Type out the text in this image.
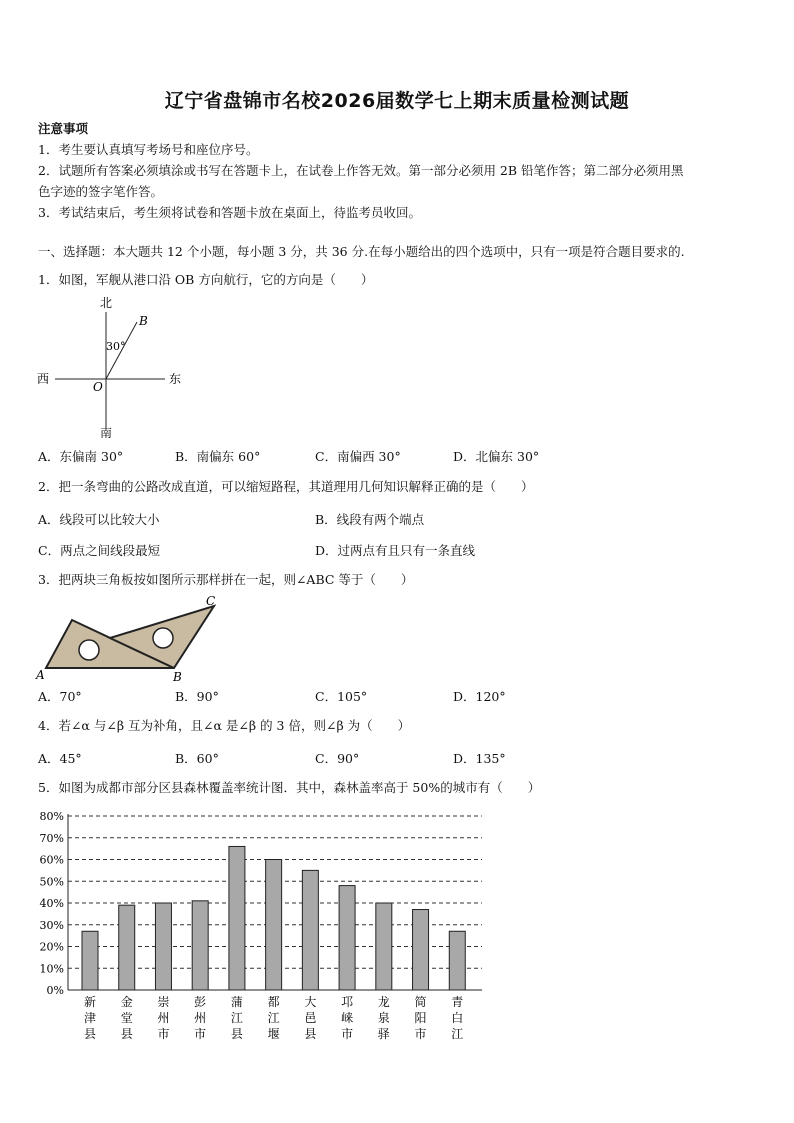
辽宁省盘锦市名校2026届数学七上期末质量检测试题
注意事项
1．考生要认真填写考场号和座位序号。
2．试题所有答案必须填涂或书写在答题卡上，在试卷上作答无效。第一部分必须用 2B 铅笔作答；第二部分必须用黑
色字迹的签字笔作答。
3．考试结束后，考生须将试卷和答题卡放在桌面上，待监考员收回。
一、选择题：本大题共 12 个小题，每小题 3 分，共 36 分.在每小题给出的四个选项中，只有一项是符合题目要求的.
1．如图，军舰从港口沿 OB 方向航行，它的方向是（　　）
北
南
西	东
O
B
30°
A．东偏南 30°	B．南偏东 60°	C．南偏西 30°	D．北偏东 30°
2．把一条弯曲的公路改成直道，可以缩短路程，其道理用几何知识解释正确的是（　　）
A．线段可以比较大小	B．线段有两个端点
C．两点之间线段最短	D．过两点有且只有一条直线
3．把两块三角板按如图所示那样拼在一起，则∠ABC 等于（　　）
A	B
C
A．70°	B．90°	C．105°	D．120°
4．若∠α 与∠β 互为补角，且∠α 是∠β 的 3 倍，则∠β 为（　　）
A．45°	B．60°	C．90°	D．135°
5．如图为成都市部分区县森林覆盖率统计图．其中，森林盖率高于 50%的城市有（　　）
0%
10%
20%
30%
40%
50%
60%
70%
80%
新
津
县
金
堂
县
崇
州
市
彭
州
市
蒲
江
县
都
江
堰
大
邑
县
邛
崃
市
龙
泉
驿
简
阳
市
青
白
江
